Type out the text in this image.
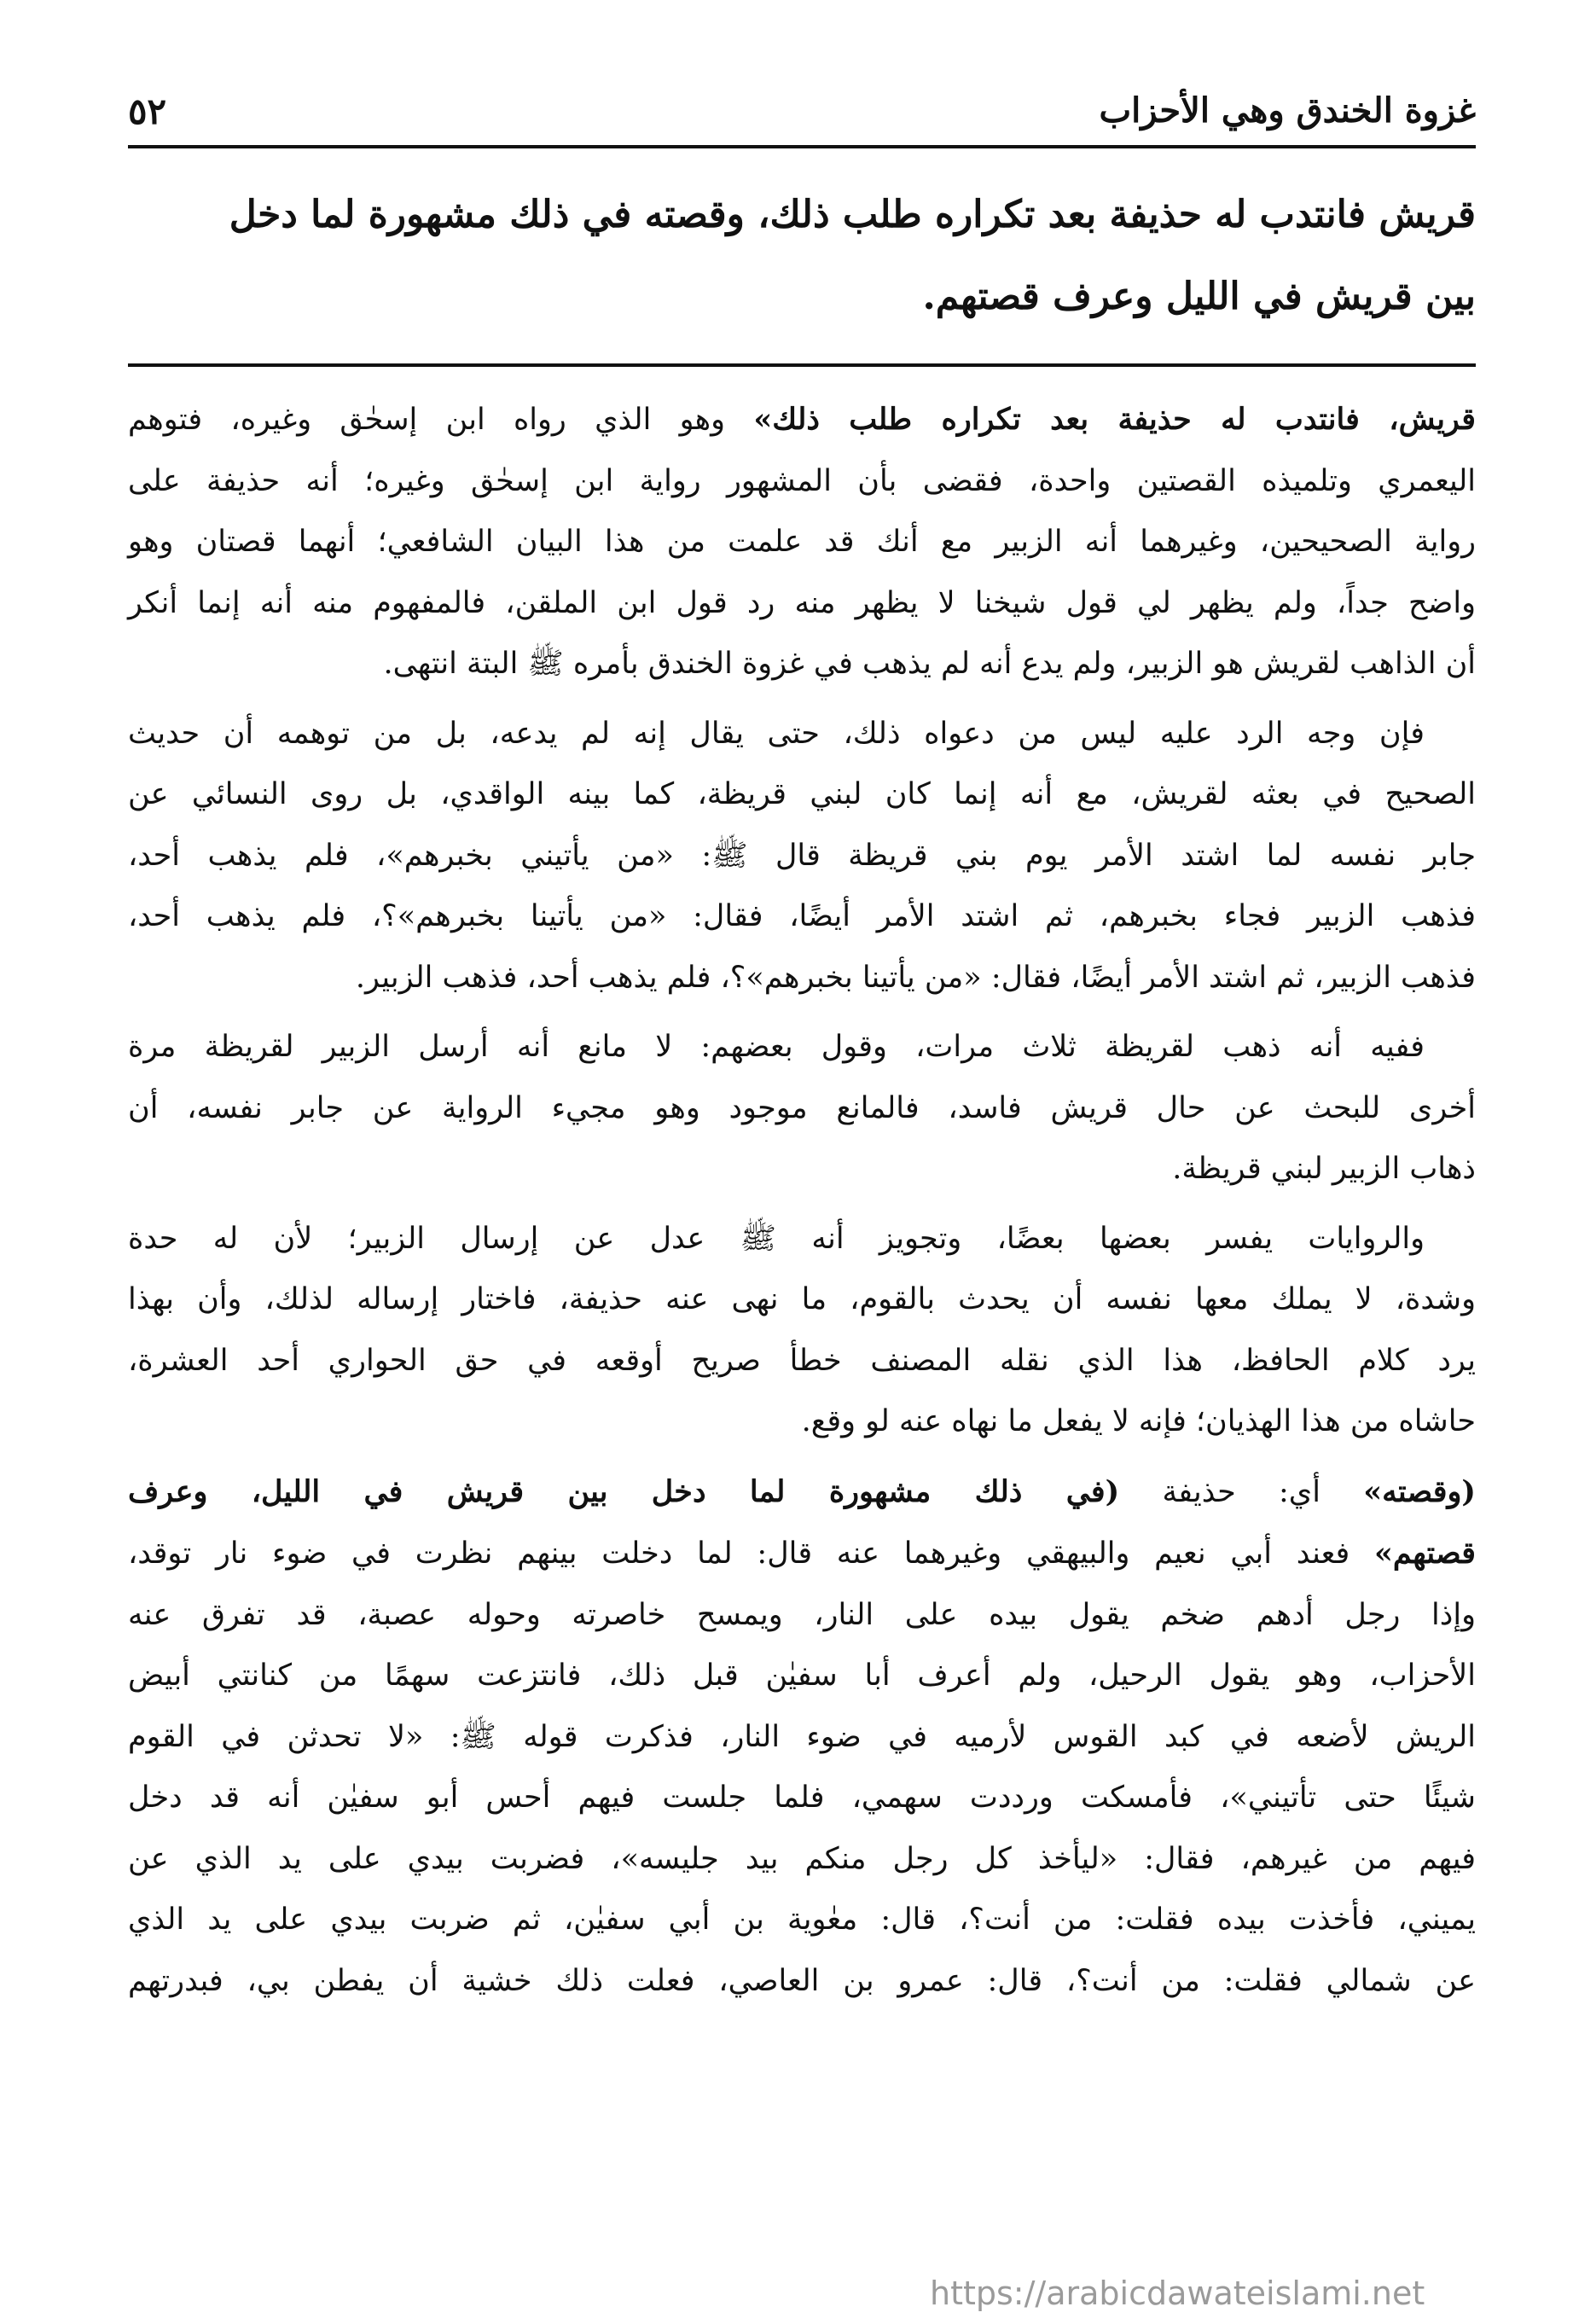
غزوة الخندق وهي الأحزاب
٥٢
قريش فانتدب له حذيفة بعد تكراره طلب ذلك، وقصته في ذلك مشهورة لما دخل
بين قريش في الليل وعرف قصتهم.
قريش، فانتدب له حذيفة بعد تكراره طلب ذلك» وهو الذي رواه ابن إسحٰق وغيره، فتوهم
اليعمري وتلميذه القصتين واحدة، فقضى بأن المشهور رواية ابن إسحٰق وغيره؛ أنه حذيفة على
رواية الصحيحين، وغيرهما أنه الزبير مع أنك قد علمت من هذا البيان الشافعي؛ أنهما قصتان وهو
واضح جداً، ولم يظهر لي قول شيخنا لا يظهر منه رد قول ابن الملقن، فالمفهوم منه أنه إنما أنكر
أن الذاهب لقريش هو الزبير، ولم يدع أنه لم يذهب في غزوة الخندق بأمره ﷺ البتة انتهى.
فإن وجه الرد عليه ليس من دعواه ذلك، حتى يقال إنه لم يدعه، بل من توهمه أن حديث
الصحيح في بعثه لقريش، مع أنه إنما كان لبني قريظة، كما بينه الواقدي، بل روى النسائي عن
جابر نفسه لما اشتد الأمر يوم بني قريظة قال ﷺ: «من يأتيني بخبرهم»، فلم يذهب أحد،
فذهب الزبير فجاء بخبرهم، ثم اشتد الأمر أيضًا، فقال: «من يأتينا بخبرهم»؟، فلم يذهب أحد،
فذهب الزبير، ثم اشتد الأمر أيضًا، فقال: «من يأتينا بخبرهم»؟، فلم يذهب أحد، فذهب الزبير.
ففيه أنه ذهب لقريظة ثلاث مرات، وقول بعضهم: لا مانع أنه أرسل الزبير لقريظة مرة
أخرى للبحث عن حال قريش فاسد، فالمانع موجود وهو مجيء الرواية عن جابر نفسه، أن
ذهاب الزبير لبني قريظة.
والروايات يفسر بعضها بعضًا، وتجويز أنه ﷺ عدل عن إرسال الزبير؛ لأن له حدة
وشدة، لا يملك معها نفسه أن يحدث بالقوم، ما نهى عنه حذيفة، فاختار إرساله لذلك، وأن بهذا
يرد كلام الحافظ، هذا الذي نقله المصنف خطأ صريح أوقعه في حق الحواري أحد العشرة،
حاشاه من هذا الهذيان؛ فإنه لا يفعل ما نهاه عنه لو وقع.
(وقصته» أي: حذيفة (في ذلك مشهورة لما دخل بين قريش في الليل، وعرف
قصتهم» فعند أبي نعيم والبيهقي وغيرهما عنه قال: لما دخلت بينهم نظرت في ضوء نار توقد،
وإذا رجل أدهم ضخم يقول بيده على النار، ويمسح خاصرته وحوله عصبة، قد تفرق عنه
الأحزاب، وهو يقول الرحيل، ولم أعرف أبا سفيٰن قبل ذلك، فانتزعت سهمًا من كنانتي أبيض
الريش لأضعه في كبد القوس لأرميه في ضوء النار، فذكرت قوله ﷺ: «لا تحدثن في القوم
شيئًا حتى تأتيني»، فأمسكت ورددت سهمي، فلما جلست فيهم أحس أبو سفيٰن أنه قد دخل
فيهم من غيرهم، فقال: «ليأخذ كل رجل منكم بيد جليسه»، فضربت بيدي على يد الذي عن
يميني، فأخذت بيده فقلت: من أنت؟، قال: معٰوية بن أبي سفيٰن، ثم ضربت بيدي على يد الذي
عن شمالي فقلت: من أنت؟، قال: عمرو بن العاصي، فعلت ذلك خشية أن يفطن بي، فبدرتهم
https://arabicdawateislami.net
